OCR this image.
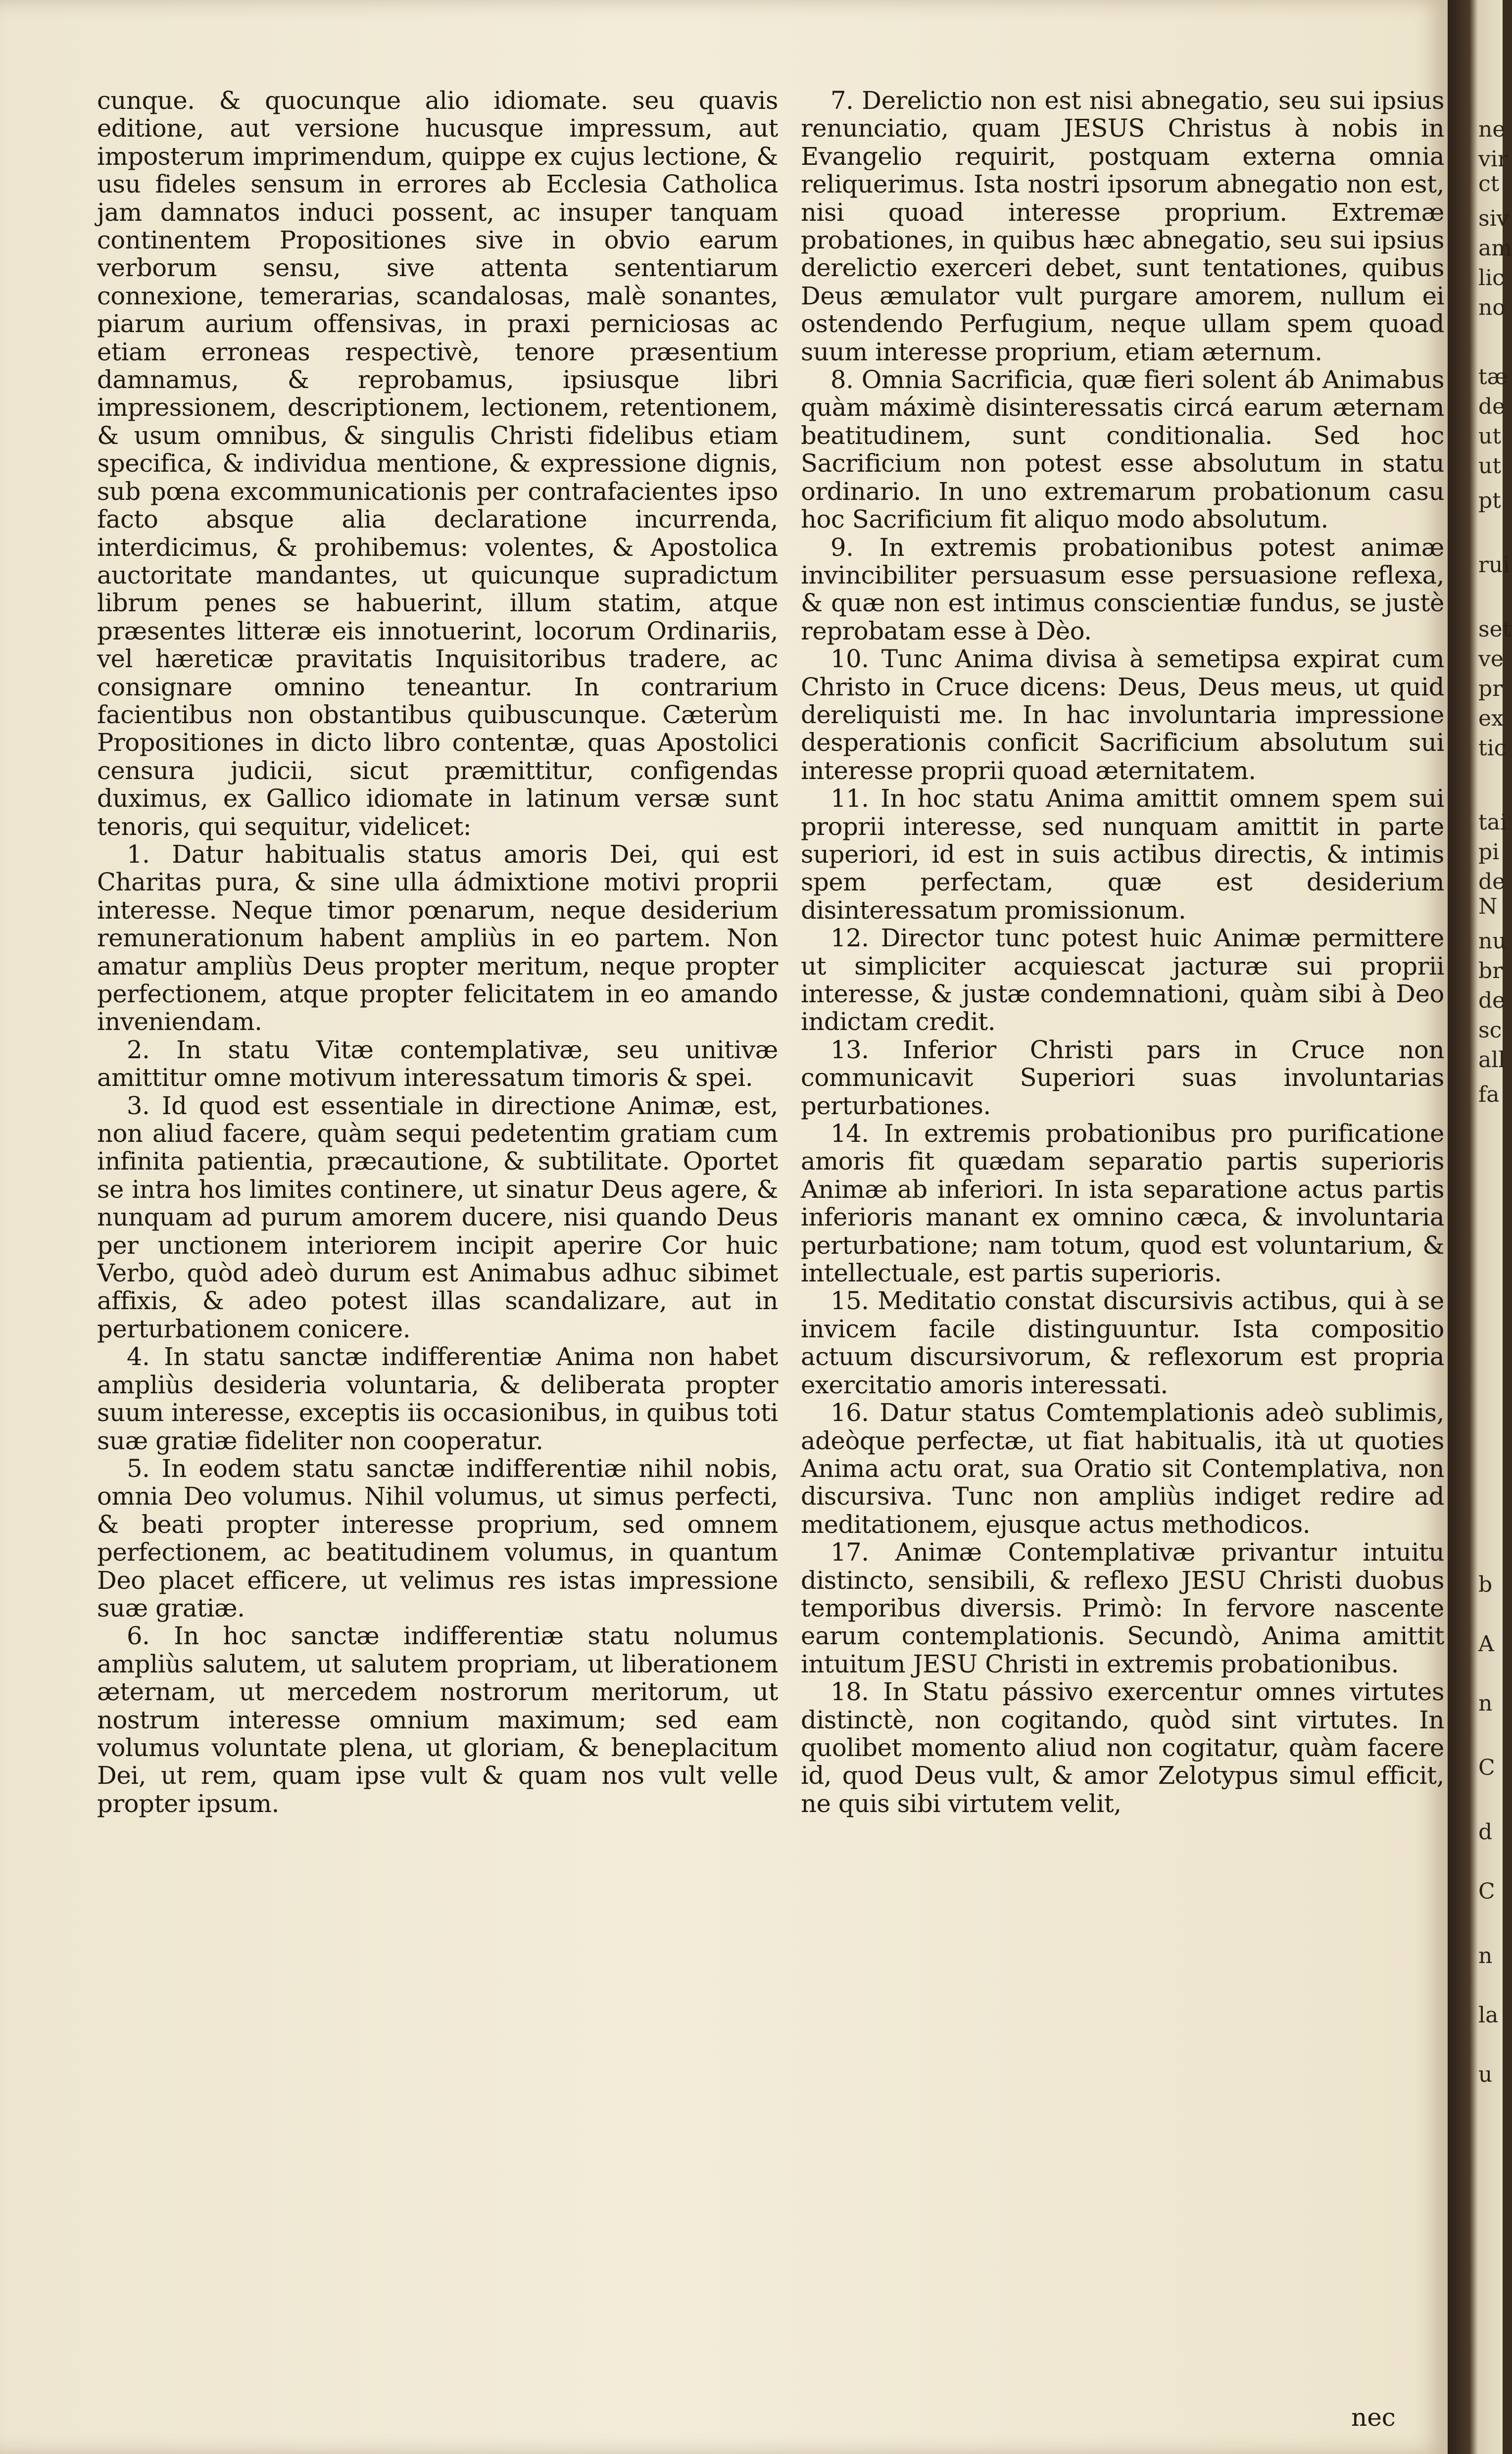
cunque. & quocunque alio idiomate. seu quavis editione, aut versione hucusque impressum, aut imposterum imprimendum, quippe ex cujus lectione, & usu fideles sensum in errores ab Ecclesia Catholica jam damnatos induci possent, ac insuper tanquam continentem Propositiones sive in obvio earum verborum sensu, sive attenta sententiarum connexione, temerarias, scandalosas, malè sonantes, piarum aurium offensivas, in praxi perniciosas ac etiam erroneas respectivè, tenore præsentium damnamus, & reprobamus, ipsiusque libri impressionem, descriptionem, lectionem, retentionem, & usum omnibus, & singulis Christi fidelibus etiam specifica, & individua mentione, & expressione dignis, sub pœna excommunicationis per contrafacientes ipso facto absque alia declaratione incurrenda, interdicimus, & prohibemus: volentes, & Apostolica auctoritate mandantes, ut quicunque supradictum librum penes se habuerint, illum statim, atque præsentes litteræ eis innotuerint, locorum Ordinariis, vel hæreticæ pravitatis Inquisitoribus tradere, ac consignare omnino teneantur. In contrarium facientibus non obstantibus quibuscunque. Cæterùm Propositiones in dicto libro contentæ, quas Apostolici censura judicii, sicut præmittitur, configendas duximus, ex Gallico idiomate in latinum versæ sunt tenoris, qui sequitur, videlicet:

1. Datur habitualis status amoris Dei, qui est Charitas pura, & sine ulla ádmixtione motivi proprii interesse. Neque timor pœnarum, neque desiderium remunerationum habent ampliùs in eo partem. Non amatur ampliùs Deus propter meritum, neque propter perfectionem, atque propter felicitatem in eo amando inveniendam.

2. In statu Vitæ contemplativæ, seu unitivæ amittitur omne motivum interessatum timoris & spei.

3. Id quod est essentiale in directione Animæ, est, non aliud facere, quàm sequi pedetentim gratiam cum infinita patientia, præcautione, & subtilitate. Oportet se intra hos limites continere, ut sinatur Deus agere, & nunquam ad purum amorem ducere, nisi quando Deus per unctionem interiorem incipit aperire Cor huic Verbo, quòd adeò durum est Animabus adhuc sibimet affixis, & adeo potest illas scandalizare, aut in perturbationem conicere.

4. In statu sanctæ indifferentiæ Anima non habet ampliùs desideria voluntaria, & deliberata propter suum interesse, exceptis iis occasionibus, in quibus toti suæ gratiæ fideliter non cooperatur.

5. In eodem statu sanctæ indifferentiæ nihil nobis, omnia Deo volumus. Nihil volumus, ut simus perfecti, & beati propter interesse proprium, sed omnem perfectionem, ac beatitudinem volumus, in quantum Deo placet efficere, ut velimus res istas impressione suæ gratiæ.

6. In hoc sanctæ indifferentiæ statu nolumus ampliùs salutem, ut salutem propriam, ut liberationem æternam, ut mercedem nostrorum meritorum, ut nostrum interesse omnium maximum; sed eam volumus voluntate plena, ut gloriam, & beneplacitum Dei, ut rem, quam ipse vult & quam nos vult velle propter ipsum.

7. Derelictio non est nisi abnegatio, seu sui ipsius renunciatio, quam JESUS Christus à nobis in Evangelio requirit, postquam externa omnia reliquerimus. Ista nostri ipsorum abnegatio non est, nisi quoad interesse proprium. Extremæ probationes, in quibus hæc abnegatio, seu sui ipsius derelictio exerceri debet, sunt tentationes, quibus Deus æmulator vult purgare amorem, nullum ei ostendendo Perfugium, neque ullam spem quoad suum interesse proprium, etiam æternum.

8. Omnia Sacrificia, quæ fieri solent áb Animabus quàm máximè disinteressatis circá earum æternam beatitudinem, sunt conditionalia. Sed hoc Sacrificium non potest esse absolutum in statu ordinario. In uno extremarum probationum casu hoc Sacrificium fit aliquo modo absolutum.

9. In extremis probationibus potest animæ invincibiliter persuasum esse persuasione reflexa, & quæ non est intimus conscientiæ fundus, se justè reprobatam esse à Dèo.

10. Tunc Anima divisa à semetipsa expirat cum Christo in Cruce dicens: Deus, Deus meus, ut quid dereliquisti me. In hac involuntaria impressione desperationis conficit Sacrificium absolutum sui interesse proprii quoad æternitatem.

11. In hoc statu Anima amittit omnem spem sui proprii interesse, sed nunquam amittit in parte superiori, id est in suis actibus directis, & intimis spem perfectam, quæ est desiderium disinteressatum promissionum.

12. Director tunc potest huic Animæ permittere ut simpliciter acquiescat jacturæ sui proprii interesse, & justæ condemnationi, quàm sibi à Deo indictam credit.

13. Inferior Christi pars in Cruce non communicavit Superiori suas involuntarias perturbationes.

14. In extremis probationibus pro purificatione amoris fit quædam separatio partis superioris Animæ ab inferiori. In ista separatione actus partis inferioris manant ex omnino cæca, & involuntaria perturbatione; nam totum, quod est voluntarium, & intellectuale, est partis superioris.

15. Meditatio constat discursivis actibus, qui à se invicem facile distinguuntur. Ista compositio actuum discursivorum, & reflexorum est propria exercitatio amoris interessati.

16. Datur status Comtemplationis adeò sublimis, adeòque perfectæ, ut fiat habitualis, ità ut quoties Anima actu orat, sua Oratio sit Contemplativa, non discursiva. Tunc non ampliùs indiget redire ad meditationem, ejusque actus methodicos.

17. Animæ Contemplativæ privantur intuitu distincto, sensibili, & reflexo JESU Christi duobus temporibus diversis. Primò: In fervore nascente earum contemplationis. Secundò, Anima amittit intuitum JESU Christi in extremis probationibus.

18. In Statu pássivo exercentur omnes virtutes distinctè, non cogitando, quòd sint virtutes. In quolibet momento aliud non cogitatur, quàm facere id, quod Deus vult, & amor Zelotypus simul efficit, ne quis sibi virtutem velit,

nec
ne
vir
ct
siv
am
lic
no
tæ
de
ut
ut
pt
rui
set
ve
pr
ex
tic
tai
pi
de
N
nu
br
de
sc
all
fa
b
A
n
C
d
C
n
la
u
